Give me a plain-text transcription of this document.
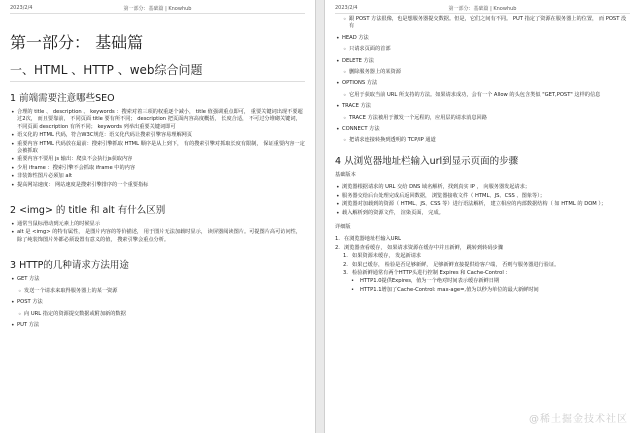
2023/2/4	第一部分：基础篇 | Knowhub
第一部分： 基础篇
一、HTML 、HTTP 、web综合问题
1 前端需要注意哪些SEO
• 合理的 title 、 description 、 keywords ：搜索对着三项的权重逐个减小， title 值强调重点即可， 重要关键词出现不要超过2次， 而且要靠前， 不同页面 title 要有所不同； description 把页面内容高度概括， 长度合适， 不可过分堆砌关键词， 不同页面 description 有所不同； keywords 列举出重要关键词即可
• 语义化的 HTML 代码，符合W3C规范：语义化代码让搜索引擎容易理解网页
• 重要内容 HTML 代码放在最前：搜索引擎抓取 HTML 顺序是从上到下， 有的搜索引擎对抓取长度有限制， 保证重要内容一定会被抓取
• 重要内容不要用 js 输出：爬虫不会执行js获取内容
• 少用 iframe ：搜索引擎不会抓取 iframe 中的内容
• 非装饰性图片必须加 alt
• 提高网站速度： 网站速度是搜索引擎排序的一个重要指标
2 <img> 的 title 和 alt 有什么区别
• 通常当鼠标滑动到元素上的时候显示
• alt 是 <img> 的特有属性， 是图片内容的等价描述， 用于图片无法加载时显示， 读屏器阅读图片。可提图片高可访问性， 除了纯装饰图片外都必须设置有意义的值， 搜索引擎会重点分析。
3 HTTP的几种请求方法用途
• GET 方法
◦ 发送一个请求来取得服务器上的某一资源
• POST 方法
◦ 向 URL 指定的资源提交数据或附加新的数据
• PUT 方法
2023/2/4	第一部分：基础篇 | Knowhub
◦ 跟 POST 方法很像，也是想服务器提交数据。但是，它们之间有不同。 PUT 指定了资源在服务器上的位置， 而 POST 没有
• HEAD 方法
◦ 只请求页面的首部
• DELETE 方法
◦ 删除服务器上的某资源
• OPTIONS 方法
◦ 它用于获取当前 URL 所支持的方法。如果请求成功，会有一个 Allow 的头包含类似 "GET,POST" 这样的信息
• TRACE 方法
◦ TRACE 方法被用于激发一个远程的，应用层的请求消息回路
• CONNECT 方法
◦ 把请求连接转换到透明的 TCP/IP 通道
4 从浏览器地址栏输入url到显示页面的步骤
基础版本
• 浏览器根据请求的 URL 交给 DNS 域名解析，找到真实 IP ， 向服务器发起请求；
• 服务器交给后台处理完成后返回数据， 浏览器接收文件（ HTML、JS、CSS 、图象等）；
• 浏览器对加载到的资源（ HTML、JS、CSS 等）进行语法解析， 建立相应的内部数据结构（ 如 HTML 的 DOM ）；
• 载入解析到的资源文件， 渲染页面， 完成。
详细版
1. 在浏览器地址栏输入URL
2. 浏览器查看缓存， 如果请求资源在缓存中并且新鲜， 跳转到转码步骤
1. 如果资源未缓存， 发起新请求
2. 如果已缓存， 检验是否足够新鲜， 足够新鲜直接提供给客户端， 否则与服务器进行验证。
3. 检验新鲜通常有两个HTTP头进行控制 Expires 和 Cache-Control ：
• HTTP1.0提供Expires，值为一个绝对时间表示缓存新鲜日期
• HTTP1.1增加了Cache-Control: max-age=,值为以秒为单位的最大新鲜时间
@稀土掘金技术社区
